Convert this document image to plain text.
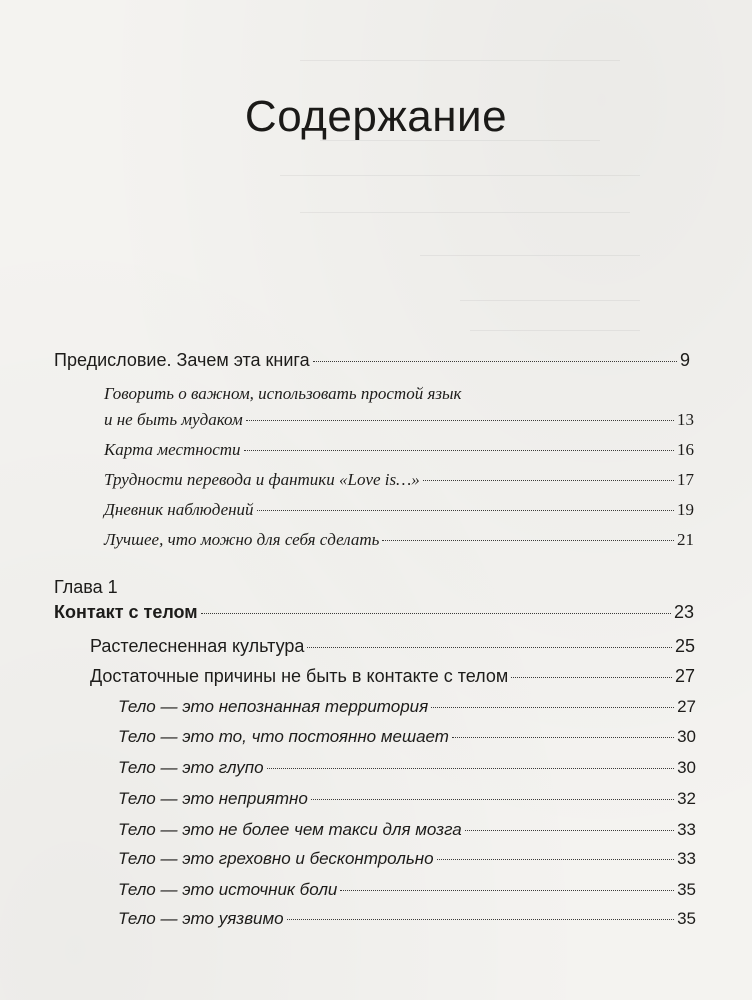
Содержание
Предисловие. Зачем эта книга	9
Говорить о важном, использовать простой язык
и не быть мудаком	13
Карта местности	16
Трудности перевода и фантики «Love is…»	17
Дневник наблюдений	19
Лучшее, что можно для себя сделать	21
Глава 1
Контакт с телом	23
Растелесненная культура	25
Достаточные причины не быть в контакте с телом	27
Тело — это непознанная территория	27
Тело — это то, что постоянно мешает	30
Тело — это глупо	30
Тело — это неприятно	32
Тело — это не более чем такси для мозга	33
Тело — это греховно и бесконтрольно	33
Тело — это источник боли	35
Тело — это уязвимо	35
